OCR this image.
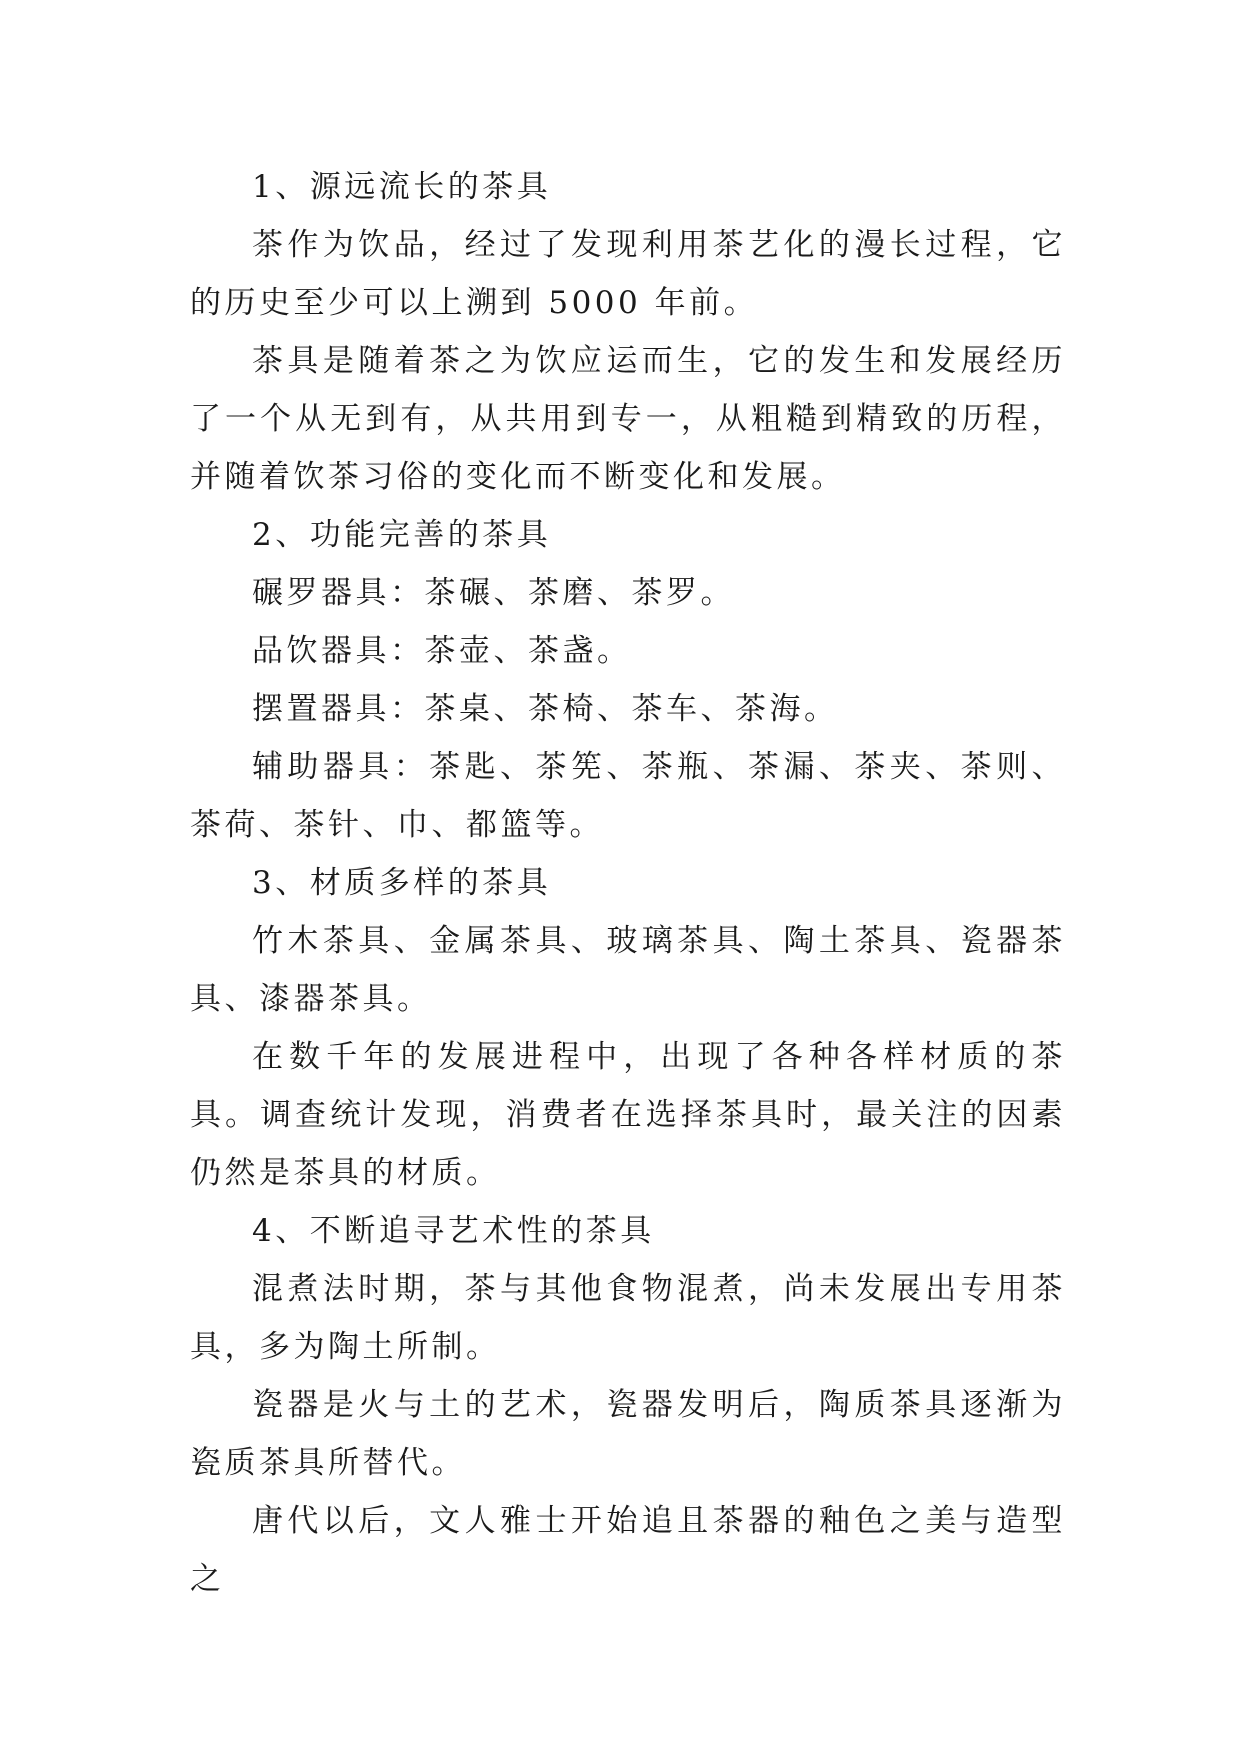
1、源远流长的茶具

茶作为饮品，经过了发现利用茶艺化的漫长过程，它的历史至少可以上溯到 5000 年前。

茶具是随着茶之为饮应运而生，它的发生和发展经历了一个从无到有，从共用到专一，从粗糙到精致的历程，并随着饮茶习俗的变化而不断变化和发展。

2、功能完善的茶具

碾罗器具：茶碾、茶磨、茶罗。

品饮器具：茶壶、茶盏。

摆置器具：茶桌、茶椅、茶车、茶海。

辅助器具：茶匙、茶筅、茶瓶、茶漏、茶夹、茶则、茶荷、茶针、巾、都篮等。

3、材质多样的茶具

竹木茶具、金属茶具、玻璃茶具、陶土茶具、瓷器茶具、漆器茶具。

在数千年的发展进程中，出现了各种各样材质的茶具。调查统计发现，消费者在选择茶具时，最关注的因素仍然是茶具的材质。

4、不断追寻艺术性的茶具

混煮法时期，茶与其他食物混煮，尚未发展出专用茶具，多为陶土所制。

瓷器是火与土的艺术，瓷器发明后，陶质茶具逐渐为瓷质茶具所替代。

唐代以后，文人雅士开始追且茶器的釉色之美与造型之
